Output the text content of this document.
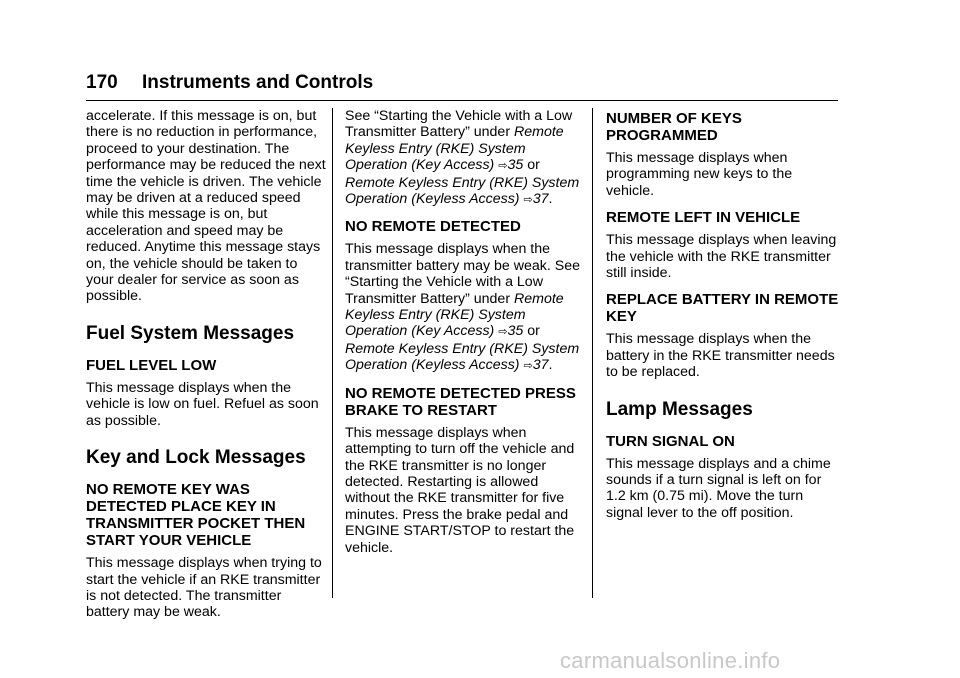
170 Instruments and Controls

accelerate. If this message is on, but there is no reduction in performance, proceed to your destination. The performance may be reduced the next time the vehicle is driven. The vehicle may be driven at a reduced speed while this message is on, but acceleration and speed may be reduced. Anytime this message stays on, the vehicle should be taken to your dealer for service as soon as possible.

Fuel System Messages
FUEL LEVEL LOW

This message displays when the vehicle is low on fuel. Refuel as soon as possible.

Key and Lock Messages
NO REMOTE KEY WAS DETECTED PLACE KEY IN TRANSMITTER POCKET THEN START YOUR VEHICLE

This message displays when trying to start the vehicle if an RKE transmitter is not detected. The transmitter battery may be weak.

See “Starting the Vehicle with a Low Transmitter Battery” under Remote Keyless Entry (RKE) System Operation (Key Access) ⇨35 or Remote Keyless Entry (RKE) System Operation (Keyless Access) ⇨37.

NO REMOTE DETECTED

This message displays when the transmitter battery may be weak. See “Starting the Vehicle with a Low Transmitter Battery” under Remote Keyless Entry (RKE) System Operation (Key Access) ⇨35 or Remote Keyless Entry (RKE) System Operation (Keyless Access) ⇨37.

NO REMOTE DETECTED PRESS BRAKE TO RESTART

This message displays when attempting to turn off the vehicle and the RKE transmitter is no longer detected. Restarting is allowed without the RKE transmitter for five minutes. Press the brake pedal and ENGINE START/STOP to restart the vehicle.

NUMBER OF KEYS PROGRAMMED

This message displays when programming new keys to the vehicle.

REMOTE LEFT IN VEHICLE

This message displays when leaving the vehicle with the RKE transmitter still inside.

REPLACE BATTERY IN REMOTE KEY

This message displays when the battery in the RKE transmitter needs to be replaced.

Lamp Messages
TURN SIGNAL ON

This message displays and a chime sounds if a turn signal is left on for 1.2 km (0.75 mi). Move the turn signal lever to the off position.

carmanualsonline.info
